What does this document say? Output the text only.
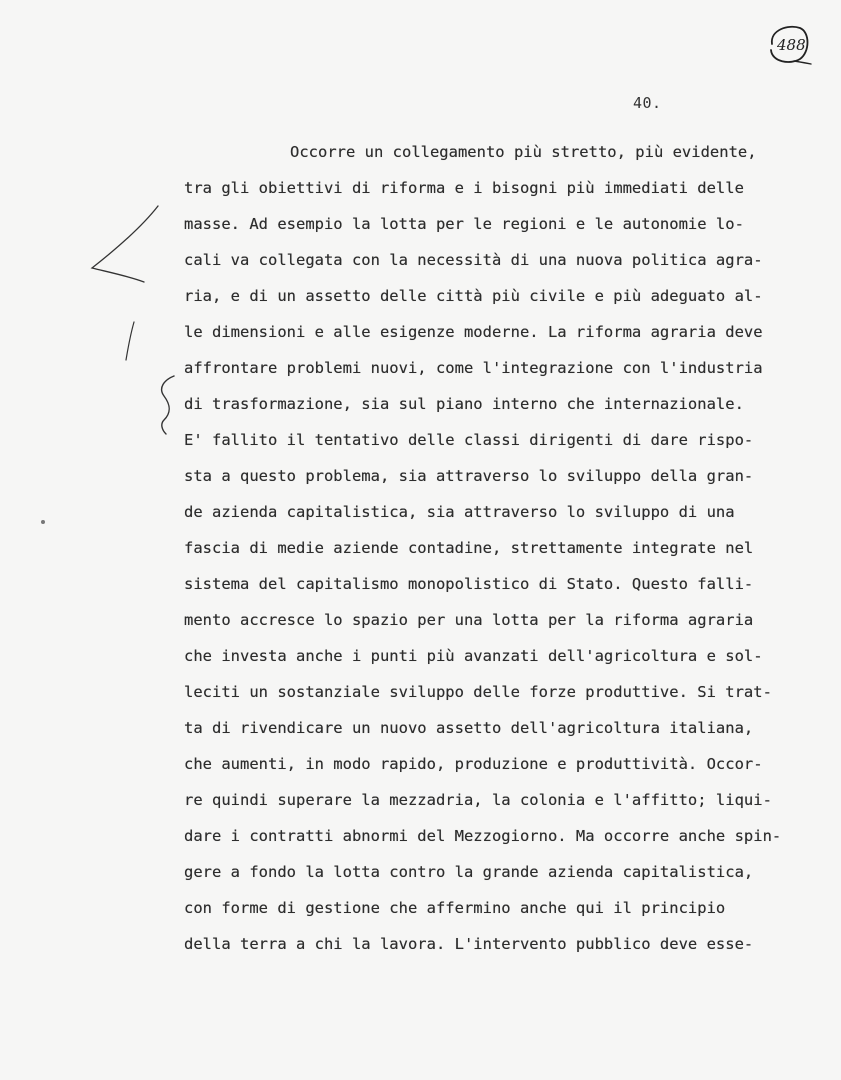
488
40.
Occorre un collegamento più stretto, più evidente,
tra gli obiettivi di riforma e i bisogni più immediati delle
masse. Ad esempio la lotta per le regioni e le autonomie lo-
cali va collegata con la necessità di una nuova politica agra-
ria, e di un assetto delle città più civile e più adeguato al-
le dimensioni e alle esigenze moderne. La riforma agraria deve
affrontare problemi nuovi, come l'integrazione con l'industria
di trasformazione, sia sul piano interno che internazionale.
E' fallito il tentativo delle classi dirigenti di dare rispo-
sta a questo problema, sia attraverso lo sviluppo della gran-
de azienda capitalistica, sia attraverso lo sviluppo di una
fascia di medie aziende contadine, strettamente integrate nel
sistema del capitalismo monopolistico di Stato. Questo falli-
mento accresce lo spazio per una lotta per la riforma agraria
che investa anche i punti più avanzati dell'agricoltura e sol-
leciti un sostanziale sviluppo delle forze produttive. Si trat-
ta di rivendicare un nuovo assetto dell'agricoltura italiana,
che aumenti, in modo rapido, produzione e produttività. Occor-
re quindi superare la mezzadria, la colonia e l'affitto; liqui-
dare i contratti abnormi del Mezzogiorno. Ma occorre anche spin-
gere a fondo la lotta contro la grande azienda capitalistica,
con forme di gestione che affermino anche qui il principio
della terra a chi la lavora. L'intervento pubblico deve esse-
